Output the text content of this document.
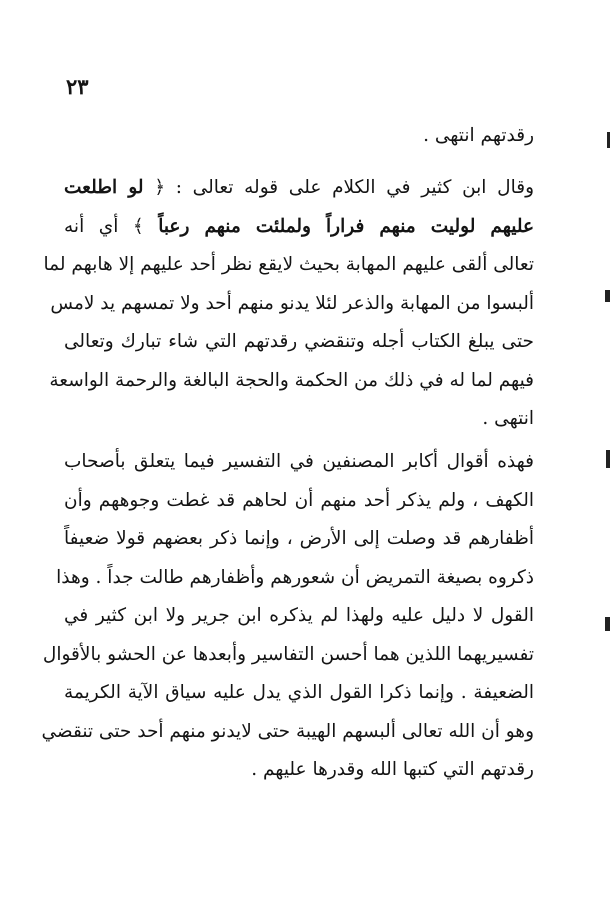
٢٣

رقدتهم انتهى .

وقال ابن كثير في الكلام على قوله تعالى : ﴿ لو اطلعت
عليهم لوليت منهم فراراً ولملئت منهم رعباً ﴾ أي أنه
تعالى ألقى عليهم المهابة بحيث لايقع نظر أحد عليهم إلا هابهم لما
ألبسوا من المهابة والذعر لئلا يدنو منهم أحد ولا تمسهم يد لامس
حتى يبلغ الكتاب أجله وتنقضي رقدتهم التي شاء تبارك وتعالى
فيهم لما له في ذلك من الحكمة والحجة البالغة والرحمة الواسعة
انتهى .

فهذه أقوال أكابر المصنفين في التفسير فيما يتعلق بأصحاب
الكهف ، ولم يذكر أحد منهم أن لحاهم قد غطت وجوههم وأن
أظفارهم قد وصلت إلى الأرض ، وإنما ذكر بعضهم قولا ضعيفاً
ذكروه بصيغة التمريض أن شعورهم وأظفارهم طالت جداً . وهذا
القول لا دليل عليه ولهذا لم يذكره ابن جرير ولا ابن كثير في
تفسيريهما اللذين هما أحسن التفاسير وأبعدها عن الحشو بالأقوال
الضعيفة . وإنما ذكرا القول الذي يدل عليه سياق الآية الكريمة
وهو أن الله تعالى ألبسهم الهيبة حتى لايدنو منهم أحد حتى تنقضي
رقدتهم التي كتبها الله وقدرها عليهم .
